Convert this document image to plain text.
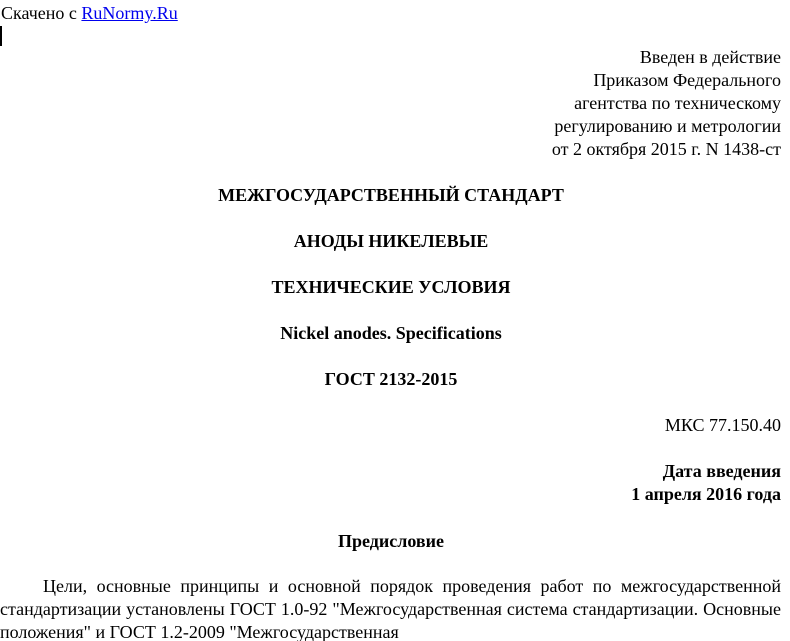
Скачено с RuNormy.Ru
Введен в действие
Приказом Федерального
агентства по техническому
регулированию и метрологии
от 2 октября 2015 г. N 1438-ст
МЕЖГОСУДАРСТВЕННЫЙ СТАНДАРТ
АНОДЫ НИКЕЛЕВЫЕ
ТЕХНИЧЕСКИЕ УСЛОВИЯ
Nickel anodes. Specifications
ГОСТ 2132-2015
МКС 77.150.40
Дата введения
1 апреля 2016 года
Предисловие
Цели, основные принципы и основной порядок проведения работ по межгосударственной стандартизации установлены ГОСТ 1.0-92 "Межгосударственная система стандартизации. Основные положения" и ГОСТ 1.2-2009 "Межгосударственная
